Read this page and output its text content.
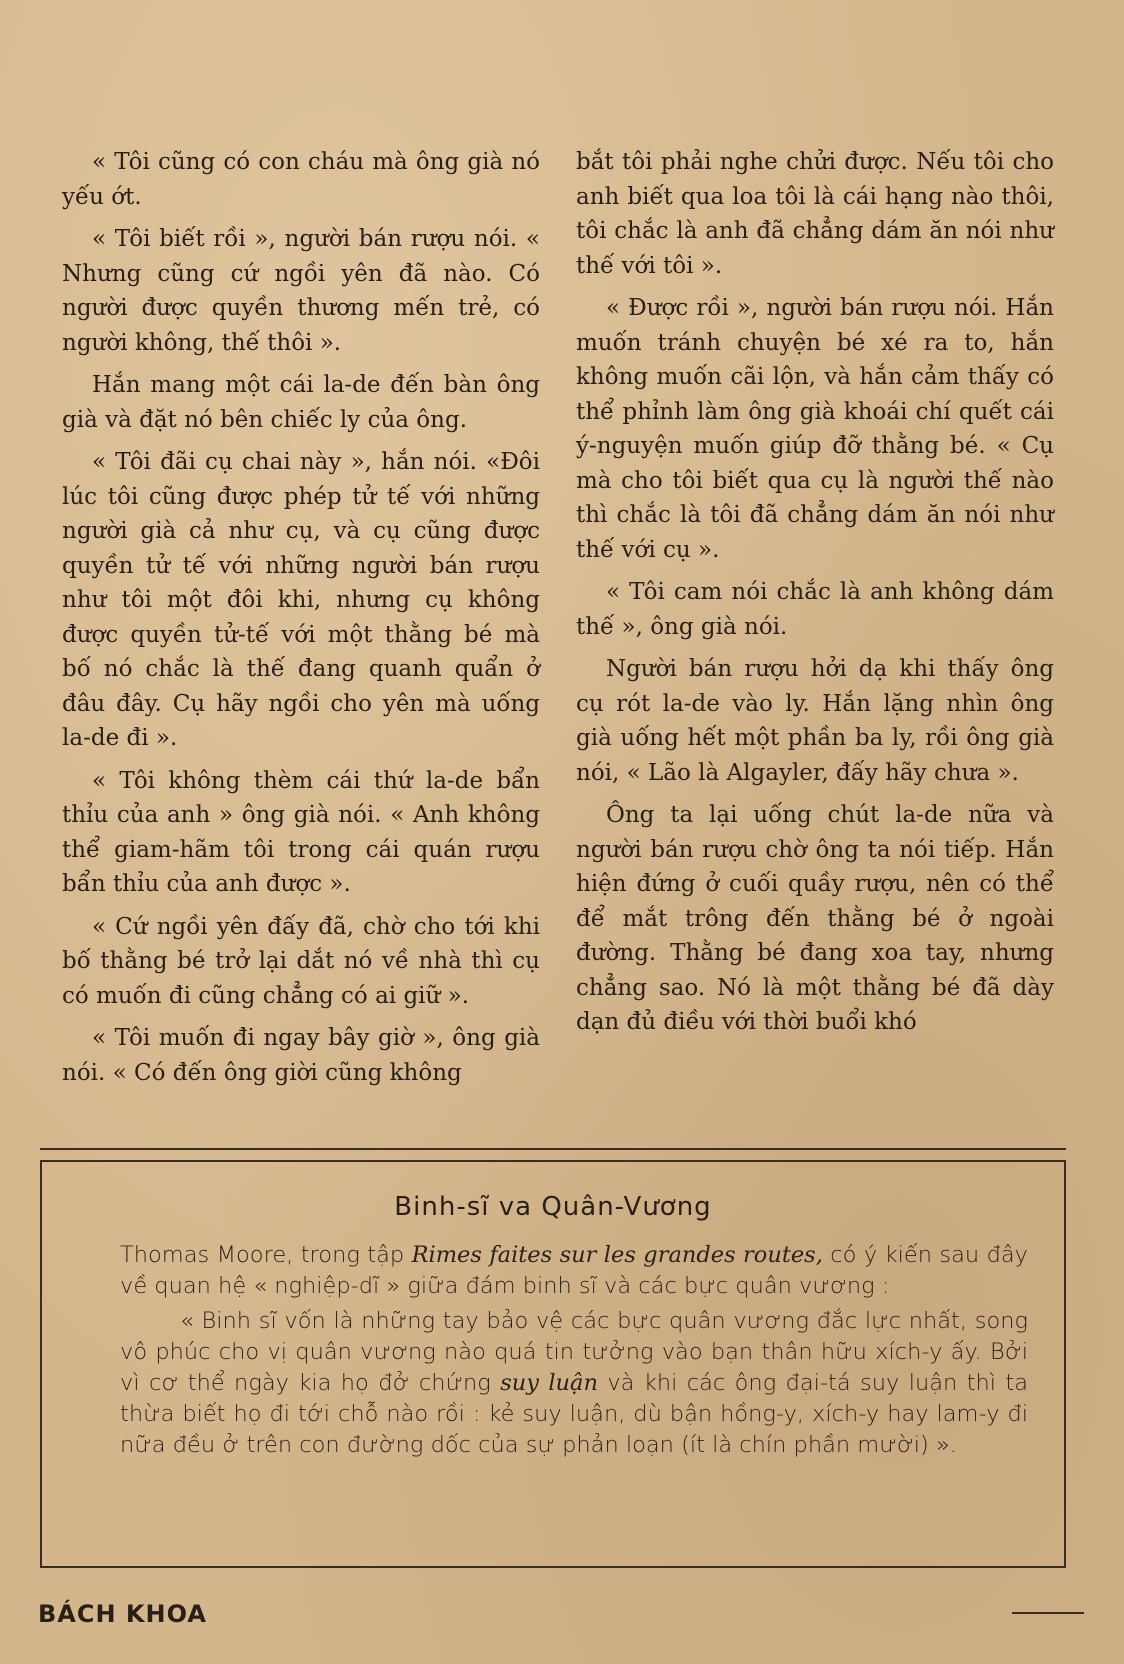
« Tôi cũng có con cháu mà ông già nó yếu ớt.

« Tôi biết rồi », người bán rượu nói. « Nhưng cũng cứ ngồi yên đã nào. Có người được quyền thương mến trẻ, có người không, thế thôi ».

Hắn mang một cái la-de đến bàn ông già và đặt nó bên chiếc ly của ông.

« Tôi đãi cụ chai này », hắn nói. «Đôi lúc tôi cũng được phép tử tế với những người già cả như cụ, và cụ cũng được quyền tử tế với những người bán rượu như tôi một đôi khi, nhưng cụ không được quyền tử-tế với một thằng bé mà bố nó chắc là thế đang quanh quẩn ở đâu đây. Cụ hãy ngồi cho yên mà uống la-de đi ».

« Tôi không thèm cái thứ la-de bẩn thỉu của anh » ông già nói. « Anh không thể giam-hãm tôi trong cái quán rượu bẩn thỉu của anh được ».

« Cứ ngồi yên đấy đã, chờ cho tới khi bố thằng bé trở lại dắt nó về nhà thì cụ có muốn đi cũng chẳng có ai giữ ».

« Tôi muốn đi ngay bây giờ », ông già nói. « Có đến ông giời cũng không

bắt tôi phải nghe chửi được. Nếu tôi cho anh biết qua loa tôi là cái hạng nào thôi, tôi chắc là anh đã chẳng dám ăn nói như thế với tôi ».

« Được rồi », người bán rượu nói. Hắn muốn tránh chuyện bé xé ra to, hắn không muốn cãi lộn, và hắn cảm thấy có thể phỉnh làm ông già khoái chí quết cái ý-nguyện muốn giúp đỡ thằng bé. « Cụ mà cho tôi biết qua cụ là người thế nào thì chắc là tôi đã chẳng dám ăn nói như thế với cụ ».

« Tôi cam nói chắc là anh không dám thế », ông già nói.

Người bán rượu hởi dạ khi thấy ông cụ rót la-de vào ly. Hắn lặng nhìn ông già uống hết một phần ba ly, rồi ông già nói, « Lão là Algayler, đấy hãy chưa ».

Ông ta lại uống chút la-de nữa và người bán rượu chờ ông ta nói tiếp. Hắn hiện đứng ở cuối quầy rượu, nên có thể để mắt trông đến thằng bé ở ngoài đường. Thằng bé đang xoa tay, nhưng chẳng sao. Nó là một thằng bé đã dày dạn đủ điều với thời buổi khó

Binh-sĩ va Quân-Vương

Thomas Moore, trong tập Rimes faites sur les grandes routes, có ý kiến sau đây về quan hệ « nghiệp-dĩ » giữa đám binh sĩ và các bực quân vương :

« Binh sĩ vốn là những tay bảo vệ các bực quân vương đắc lực nhất, song vô phúc cho vị quân vương nào quá tin tưởng vào bạn thân hữu xích-y ấy. Bởi vì cơ thể ngày kia họ đở chứng suy luận và khi các ông đại-tá suy luận thì ta thừa biết họ đi tới chỗ nào rồi : kẻ suy luận, dù bận hồng-y, xích-y hay lam-y đi nữa đều ở trên con đường dốc của sự phản loạn (ít là chín phần mười) ».

BÁCH KHOA
